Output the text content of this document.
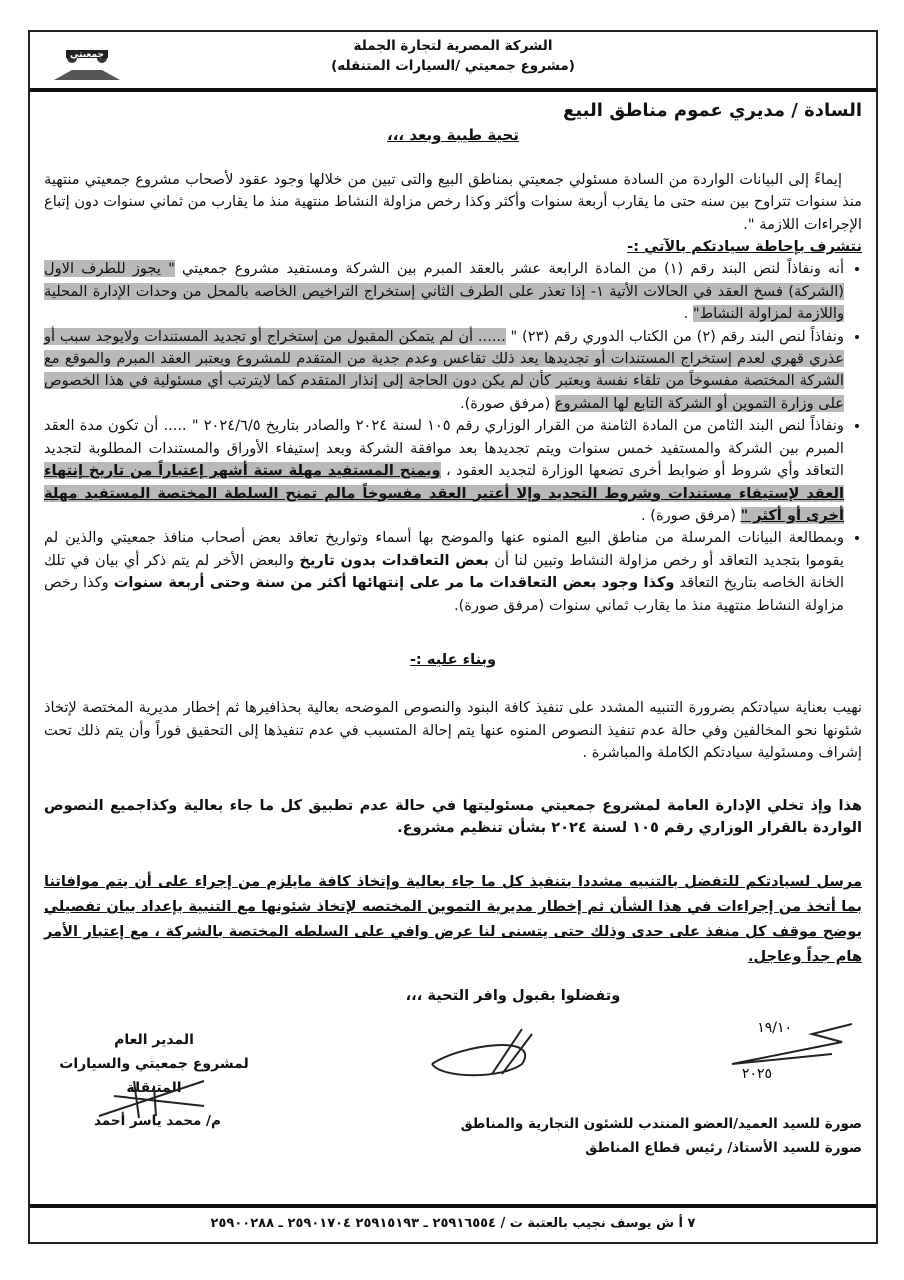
جمعيتي
الشركة المصرية لتجارة الجملة
(مشروع جمعيتي /السيارات المتنقله)

السادة / مديري عموم مناطق البيع

تحية طيبة وبعد ،،،

إيماءً إلى البيانات الواردة من السادة مسئولي جمعيتي بمناطق البيع والتى تبين من خلالها وجود عقود لأصحاب مشروع جمعيتي منتهية منذ سنوات تتراوح بين سنه حتى ما يقارب أربعة سنوات وأكثر وكذا رخص مزاولة النشاط منتهية منذ ما يقارب من ثماني سنوات دون إتباع الإجراءات اللازمة ".

نتشرف بإحاطة سيادتكم بالآتي :-

• أنه ونفاذاً لنص البند رقم (١) من المادة الرابعة عشر بالعقد المبرم بين الشركة ومستفيد مشروع جمعيتي " يجوز للطرف الاول (الشركة) فسخ العقد في الحالات الأتية ١- إذا تعذر على الطرف الثاني إستخراج التراخيص الخاصه بالمحل من وحدات الإدارة المحلية واللازمة لمزاولة النشاط" .
• ونفاذاً لنص البند رقم (٢) من الكتاب الدوري رقم (٢٣) " ...... أن لم يتمكن المقبول من إستخراج أو تجديد المستندات ولايوجد سبب أو عذري قهري لعدم إستخراج المستندات أو تجديدها يعد ذلك تقاعس وعدم جدية من المتقدم للمشروع ويعتبر العقد المبرم والموقع مع الشركة المختصة مفسوخاً من تلقاء نفسة ويعتبر كأن لم يكن دون الحاجة إلى إنذار المتقدم كما لايترتب أي مسئولية في هذا الخصوص على وزارة التموين أو الشركة التابع لها المشروع (مرفق صورة).
• ونفاذاً لنص البند الثامن من المادة الثامنة من القرار الوزاري رقم ١٠٥ لسنة ٢٠٢٤ والصادر بتاريخ ٢٠٢٤/٦/٥ " ..... أن تكون مدة العقد المبرم بين الشركة والمستفيد خمس سنوات ويتم تجديدها بعد موافقة الشركة وبعد إستيفاء الأوراق والمستندات المطلوبة لتجديد التعاقد وأي شروط أو ضوابط أخرى تضعها الوزارة لتجديد العقود ، ويمنح المستفيد مهلة ستة أشهر إعتباراً من تاريخ إنتهاء العقد لإستيفاء مستندات وشروط التجديد وإلا أعتبر العقد مفسوخاً مالم تمنح السلطة المختصة المستفيد مهلة أخرى أو أكثر " (مرفق صورة) .
• وبمطالعة البيانات المرسلة من مناطق البيع المنوه عنها والموضح بها أسماء وتواريخ تعاقد بعض أصحاب منافذ جمعيتي والذين لم يقوموا بتجديد التعاقد أو رخص مزاولة النشاط وتبين لنا أن بعض التعاقدات بدون تاريخ والبعض الأخر لم يتم ذكر أي بيان في تلك الخانة الخاصه بتاريخ التعاقد وكذا وجود بعض التعاقدات ما مر على إنتهائها أكثر من سنة وحتى أربعة سنوات وكذا رخص مزاولة النشاط منتهية منذ ما يقارب ثماني سنوات (مرفق صورة).

وبناء عليه :-

نهيب بعناية سيادتكم بضرورة التنبيه المشدد على تنفيذ كافة البنود والنصوص الموضحه بعالية بحذافيرها ثم إخطار مديرية المختصة لإتخاذ شئونها نحو المخالفين وفي حالة عدم تنفيذ النصوص المنوه عنها يتم إحالة المتسبب في عدم تنفيذها إلى التحقيق فوراً وأن يتم ذلك تحت إشراف ومسئولية سيادتكم الكاملة والمباشرة .

هذا وإذ تخلي الإدارة العامة لمشروع جمعيتي مسئوليتها في حالة عدم تطبيق كل ما جاء بعالية وكذاجميع النصوص الواردة بالقرار الوزاري رقم ١٠٥ لسنة ٢٠٢٤ بشأن تنظيم مشروع.

مرسل لسيادتكم للتفضل بالتنبيه مشددا بتنفيذ كل ما جاء بعالية وإتخاذ كافة مايلزم من إجراء على أن يتم موافاتنا بما أتخذ من إجراءات في هذا الشأن ثم إخطار مديرية التموين المختصه لإتخاذ شئونها مع التنبية بإعداد بيان تفصيلي يوضح موقف كل منفذ على حدى وذلك حتى يتسنى لنا عرض وافي على السلطه المختصة بالشركة ، مع إعتبار الأمر هام جداً وعاجل.

وتفضلوا بقبول وافر التحية ،،،

٢٠٢٥
١٩/١٠
المدير العام
لمشروع جمعيتي والسيارات المتنقلة
م/ محمد ياسر أحمد	صورة للسيد العميد/العضو المنتدب للشئون التجارية والمناطق
صورة للسيد الأستاذ/ رئيس قطاع المناطق
٧ أ ش يوسف نجيب بالعتبة ت / ٢٥٩١٦٥٥٤ ـ ٢٥٩١٥١٩٣ ٢٥٩٠١٧٠٤ ـ ٢٥٩٠٠٢٨٨
